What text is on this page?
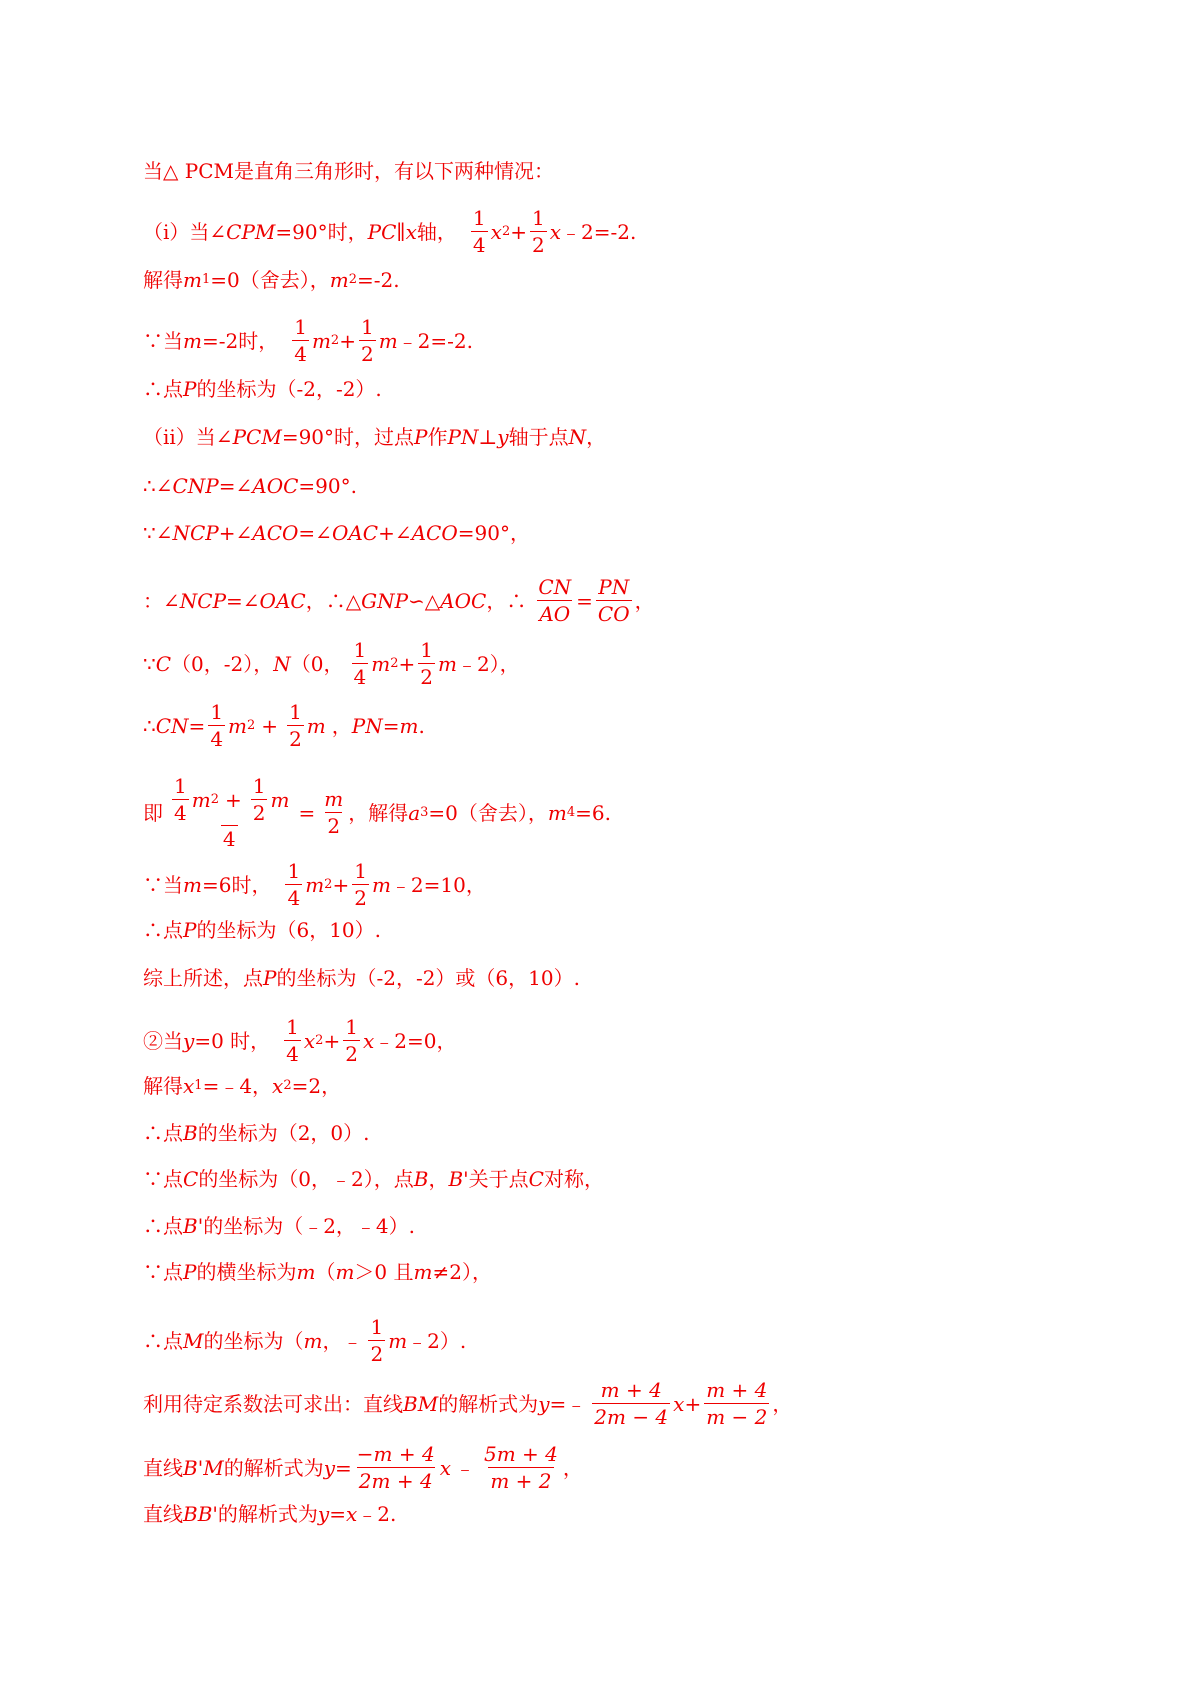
当△ PCM是直角三角形时，有以下两种情况：
（i）当∠ CPM =90°时， PC ∥ x 轴， $\frac{1}{4}$ x $2 + \frac{1}{2}$ x ﹣2=-2.
解得 m 1 =0（舍去）， m 2 =-2.
∵当 m =-2时， $\frac{1}{4}$ m $2 + \frac{1}{2}$ m ﹣2=-2.
∴点 P 的坐标为（-2，-2）.
（ii）当∠ PCM =90°时，过点 P 作 PN ⊥ y 轴于点 N ，
∴∠ CNP =∠ AOC =90°.
∵∠ NCP +∠ ACO =∠ OAC +∠ ACO =90°，
：∠ NCP =∠ OAC ，∴△ GNP ∽△ AOC ，∴ $\frac{CN}{AO} = \frac{PN}{CO}$ ，
∵ C （0，-2）， N （0， $\frac{1}{4}$ m $2 + \frac{1}{2}$ m ﹣2），
∴ CN = $\frac{1}{4}$ m $2 + \frac{1}{2}$ m ， PN = m .
即 $\frac{\frac{1}{4} m 2 + \frac{1}{2} m}{4} = \frac{m}{2}$ ，解得 a 3 =0（舍去）， m 4 =6.
∵当 m =6时， $\frac{1}{4}$ m $2 + \frac{1}{2}$ m ﹣2=10，
∴点 P 的坐标为（6，10）.
综上所述，点 P 的坐标为（-2，-2）或（6，10）.
②当 y =0 时， $\frac{1}{4}$ x $2 + \frac{1}{2}$ x ﹣2=0，
解得 x 1 =﹣4， x 2 =2，
∴点 B 的坐标为（2，0）.
∵点 C 的坐标为（0，﹣2），点 B ， B' 关于点 C 对称，
∴点 B' 的坐标为（﹣2，﹣4）.
∵点 P 的横坐标为 m （ m ＞0 且 m ≠2），
∴点 M 的坐标为（ m ，﹣ $\frac{1}{2}$ m ﹣2）.
利用待定系数法可求出：直线 BM 的解析式为 y =﹣ $\frac{m + 4}{2m - 4}$ $x + \frac{m + 4}{m - 2}$ ，
直线 B'M 的解析式为 $y = \frac{-m + 4}{2m + 4}$ x ﹣ $\frac{5m + 4}{m + 2}$ ，
直线 BB' 的解析式为 y = x ﹣2.
